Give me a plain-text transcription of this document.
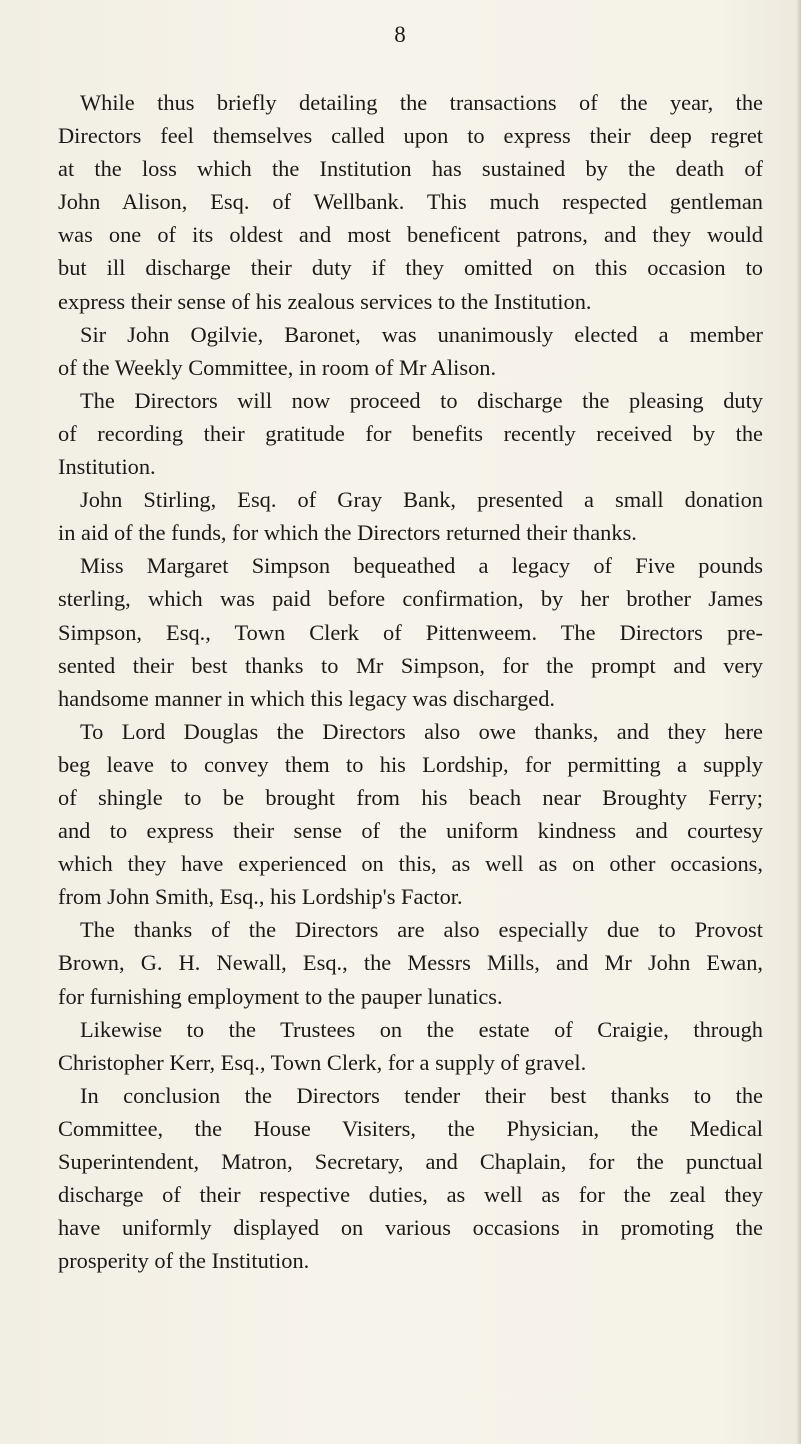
8
While thus briefly detailing the transactions of the year, the
Directors feel themselves called upon to express their deep regret
at the loss which the Institution has sustained by the death of
John Alison, Esq. of Wellbank. This much respected gentleman
was one of its oldest and most beneficent patrons, and they would
but ill discharge their duty if they omitted on this occasion to
express their sense of his zealous services to the Institution.
Sir John Ogilvie, Baronet, was unanimously elected a member
of the Weekly Committee, in room of Mr Alison.
The Directors will now proceed to discharge the pleasing duty
of recording their gratitude for benefits recently received by the
Institution.
John Stirling, Esq. of Gray Bank, presented a small donation
in aid of the funds, for which the Directors returned their thanks.
Miss Margaret Simpson bequeathed a legacy of Five pounds
sterling, which was paid before confirmation, by her brother James
Simpson, Esq., Town Clerk of Pittenweem. The Directors pre-
sented their best thanks to Mr Simpson, for the prompt and very
handsome manner in which this legacy was discharged.
To Lord Douglas the Directors also owe thanks, and they here
beg leave to convey them to his Lordship, for permitting a supply
of shingle to be brought from his beach near Broughty Ferry;
and to express their sense of the uniform kindness and courtesy
which they have experienced on this, as well as on other occasions,
from John Smith, Esq., his Lordship's Factor.
The thanks of the Directors are also especially due to Provost
Brown, G. H. Newall, Esq., the Messrs Mills, and Mr John Ewan,
for furnishing employment to the pauper lunatics.
Likewise to the Trustees on the estate of Craigie, through
Christopher Kerr, Esq., Town Clerk, for a supply of gravel.
In conclusion the Directors tender their best thanks to the
Committee, the House Visiters, the Physician, the Medical
Superintendent, Matron, Secretary, and Chaplain, for the punctual
discharge of their respective duties, as well as for the zeal they
have uniformly displayed on various occasions in promoting the
prosperity of the Institution.
